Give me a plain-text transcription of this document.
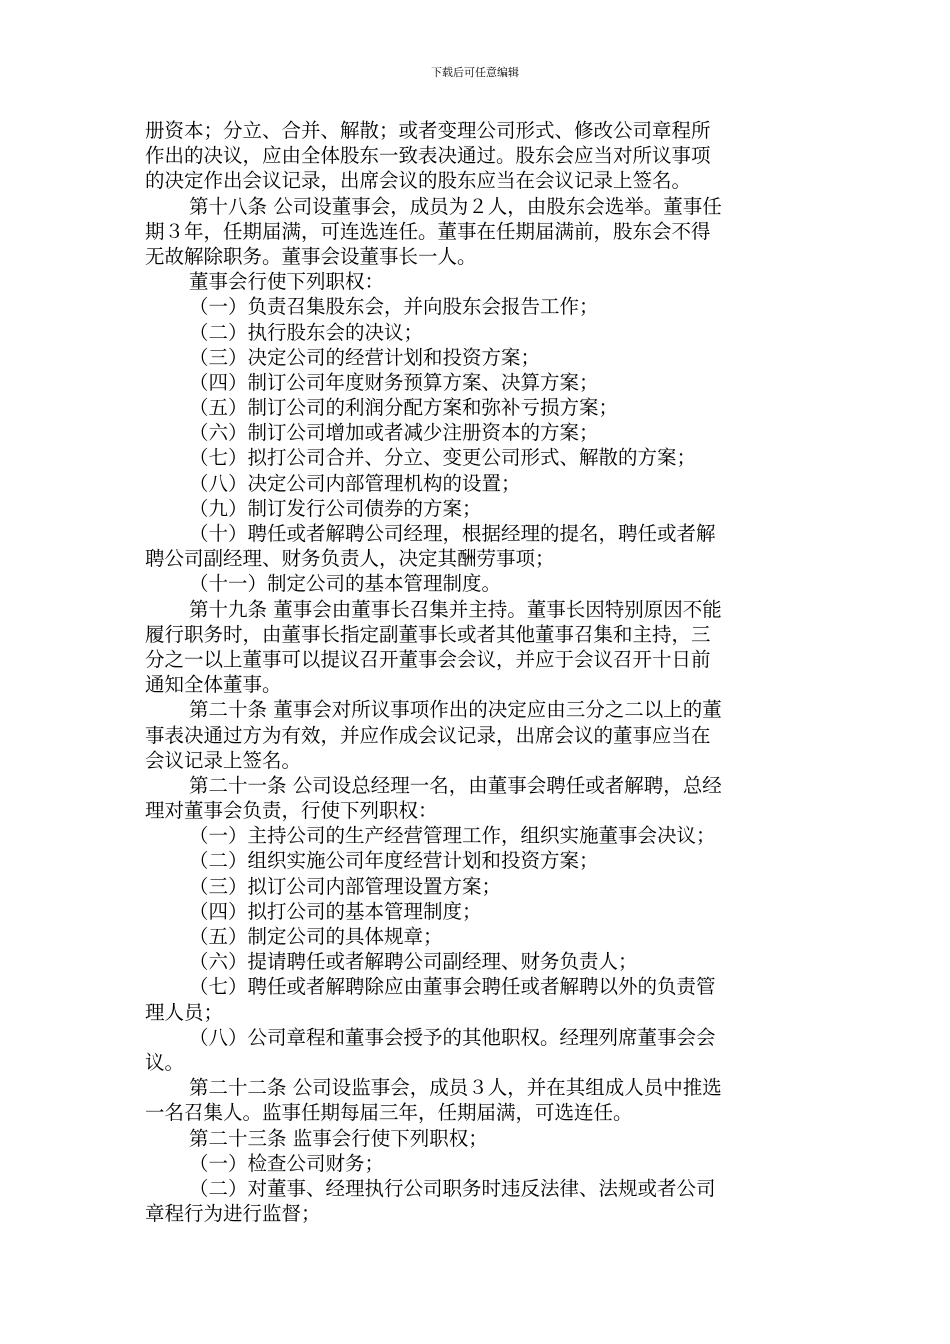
下载后可任意编辑
册资本；分立、合并、解散；或者变理公司形式、修改公司章程所
作出的决议，应由全体股东一致表决通过。股东会应当对所议事项
的决定作出会议记录，出席会议的股东应当在会议记录上签名。
第十八条 公司设董事会，成员为２人，由股东会选举。董事任
期３年，任期届满，可连选连任。董事在任期届满前，股东会不得
无故解除职务。董事会设董事长一人。
董事会行使下列职权：
（一）负责召集股东会，并向股东会报告工作；
（二）执行股东会的决议；
（三）决定公司的经营计划和投资方案；
（四）制订公司年度财务预算方案、决算方案；
（五）制订公司的利润分配方案和弥补亏损方案；
（六）制订公司增加或者减少注册资本的方案；
（七）拟打公司合并、分立、变更公司形式、解散的方案；
（八）决定公司内部管理机构的设置；
（九）制订发行公司债券的方案；
（十）聘任或者解聘公司经理，根据经理的提名，聘任或者解
聘公司副经理、财务负责人，决定其酬劳事项；
（十一）制定公司的基本管理制度。
第十九条 董事会由董事长召集并主持。董事长因特别原因不能
履行职务时，由董事长指定副董事长或者其他董事召集和主持，三
分之一以上董事可以提议召开董事会会议，并应于会议召开十日前
通知全体董事。
第二十条 董事会对所议事项作出的决定应由三分之二以上的董
事表决通过方为有效，并应作成会议记录，出席会议的董事应当在
会议记录上签名。
第二十一条 公司设总经理一名，由董事会聘任或者解聘，总经
理对董事会负责，行使下列职权：
（一）主持公司的生产经营管理工作，组织实施董事会决议；
（二）组织实施公司年度经营计划和投资方案；
（三）拟订公司内部管理设置方案；
（四）拟打公司的基本管理制度；
（五）制定公司的具体规章；
（六）提请聘任或者解聘公司副经理、财务负责人；
（七）聘任或者解聘除应由董事会聘任或者解聘以外的负责管
理人员；
（八）公司章程和董事会授予的其他职权。经理列席董事会会
议。
第二十二条 公司设监事会，成员３人，并在其组成人员中推选
一名召集人。监事任期每届三年，任期届满，可选连任。
第二十三条 监事会行使下列职权；
（一）检查公司财务；
（二）对董事、经理执行公司职务时违反法律、法规或者公司
章程行为进行监督；
